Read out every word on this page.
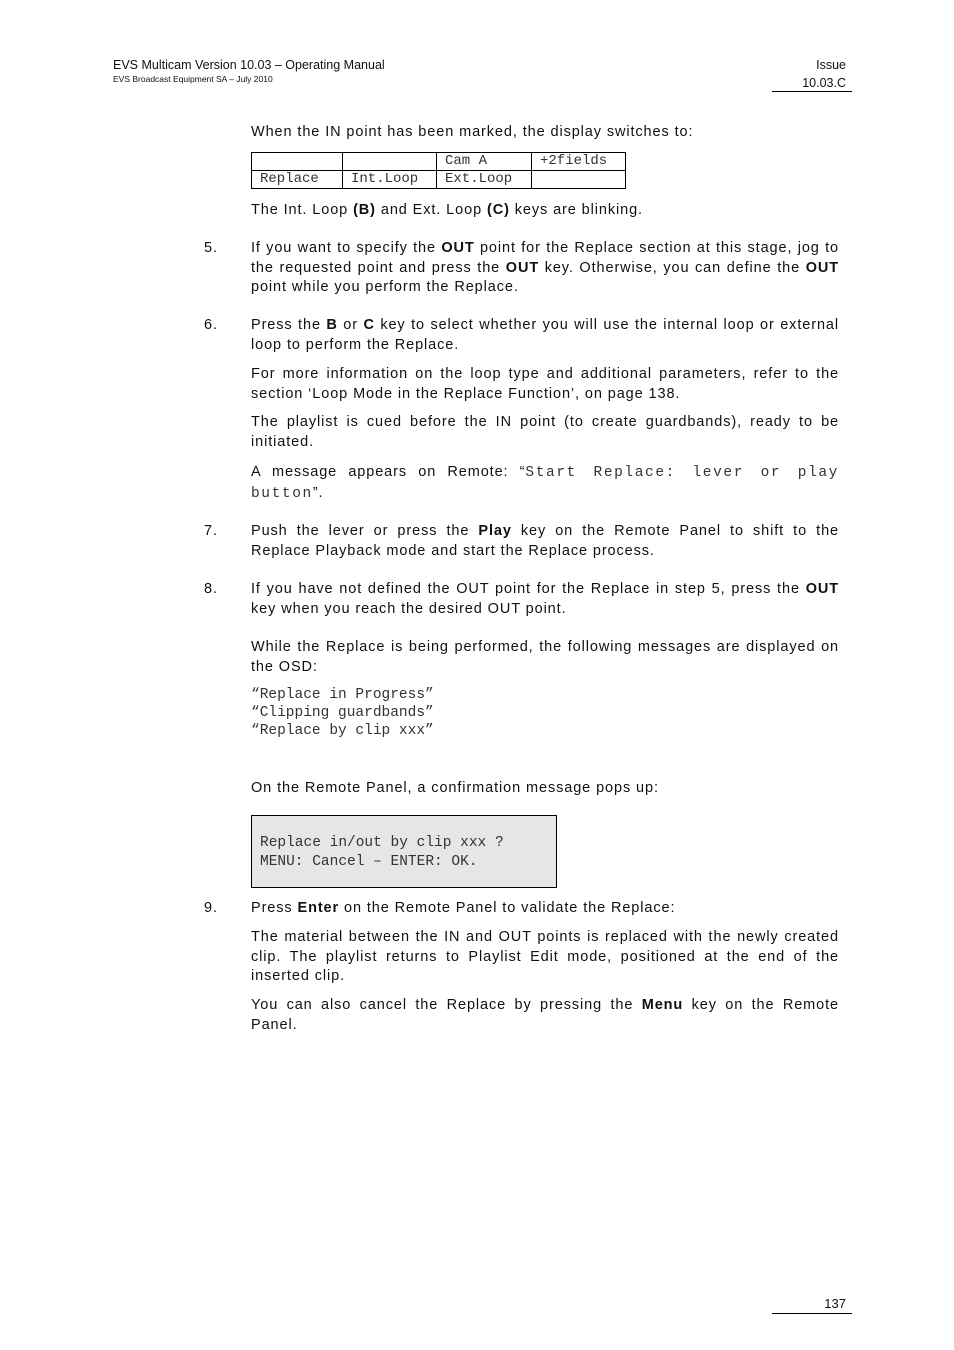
EVS Multicam Version 10.03 – Operating Manual
EVS Broadcast Equipment SA – July 2010
Issue
10.03.C
When the IN point has been marked, the display switches to:
		Cam A	+2fields
Replace	Int.Loop	Ext.Loop	
The Int. Loop (B) and Ext. Loop (C) keys are blinking.
5. If you want to specify the OUT point for the Replace section at this stage, jog to the requested point and press the OUT key. Otherwise, you can define the OUT point while you perform the Replace.
6. Press the B or C key to select whether you will use the internal loop or external loop to perform the Replace.
For more information on the loop type and additional parameters, refer to the section ‘Loop Mode in the Replace Function’, on page 138.
The playlist is cued before the IN point (to create guardbands), ready to be initiated.
A message appears on Remote: “Start Replace: lever or play button”.
7. Push the lever or press the Play key on the Remote Panel to shift to the Replace Playback mode and start the Replace process.
8. If you have not defined the OUT point for the Replace in step 5, press the OUT key when you reach the desired OUT point.
While the Replace is being performed, the following messages are displayed on the OSD:
“Replace in Progress”
“Clipping guardbands”
“Replace by clip xxx”
On the Remote Panel, a confirmation message pops up:
Replace in/out by clip xxx ?
MENU: Cancel – ENTER: OK.
9. Press Enter on the Remote Panel to validate the Replace:
The material between the IN and OUT points is replaced with the newly created clip. The playlist returns to Playlist Edit mode, positioned at the end of the inserted clip.
You can also cancel the Replace by pressing the Menu key on the Remote Panel.
137
